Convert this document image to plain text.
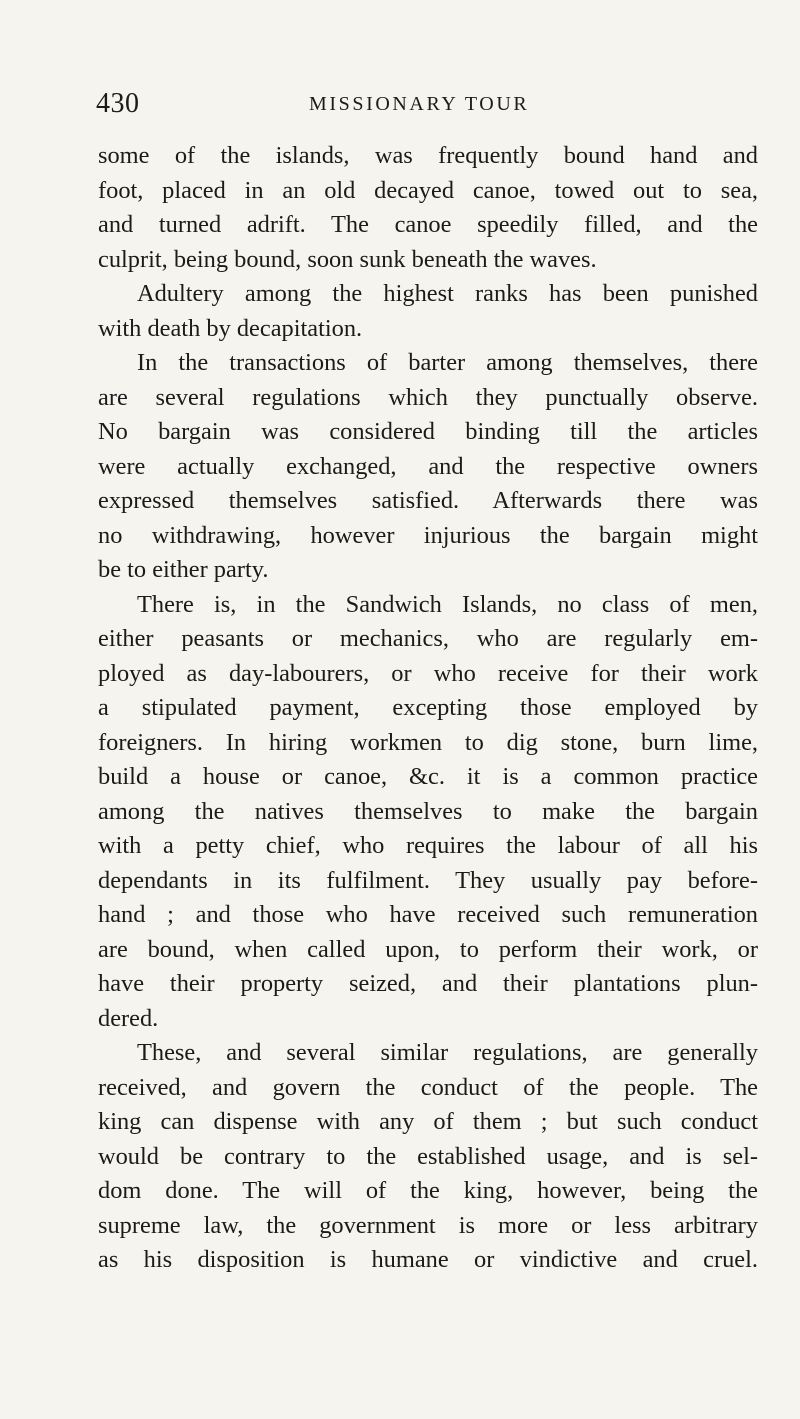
430	MISSIONARY TOUR
some of the islands, was frequently bound hand and
foot, placed in an old decayed canoe, towed out to sea,
and turned adrift. The canoe speedily filled, and the
culprit, being bound, soon sunk beneath the waves.
Adultery among the highest ranks has been punished
with death by decapitation.
In the transactions of barter among themselves, there
are several regulations which they punctually observe.
No bargain was considered binding till the articles
were actually exchanged, and the respective owners
expressed themselves satisfied. Afterwards there was
no withdrawing, however injurious the bargain might
be to either party.
There is, in the Sandwich Islands, no class of men,
either peasants or mechanics, who are regularly em-
ployed as day-labourers, or who receive for their work
a stipulated payment, excepting those employed by
foreigners. In hiring workmen to dig stone, burn lime,
build a house or canoe, &c. it is a common practice
among the natives themselves to make the bargain
with a petty chief, who requires the labour of all his
dependants in its fulfilment. They usually pay before-
hand ; and those who have received such remuneration
are bound, when called upon, to perform their work, or
have their property seized, and their plantations plun-
dered.
These, and several similar regulations, are generally
received, and govern the conduct of the people. The
king can dispense with any of them ; but such conduct
would be contrary to the established usage, and is sel-
dom done. The will of the king, however, being the
supreme law, the government is more or less arbitrary
as his disposition is humane or vindictive and cruel.
